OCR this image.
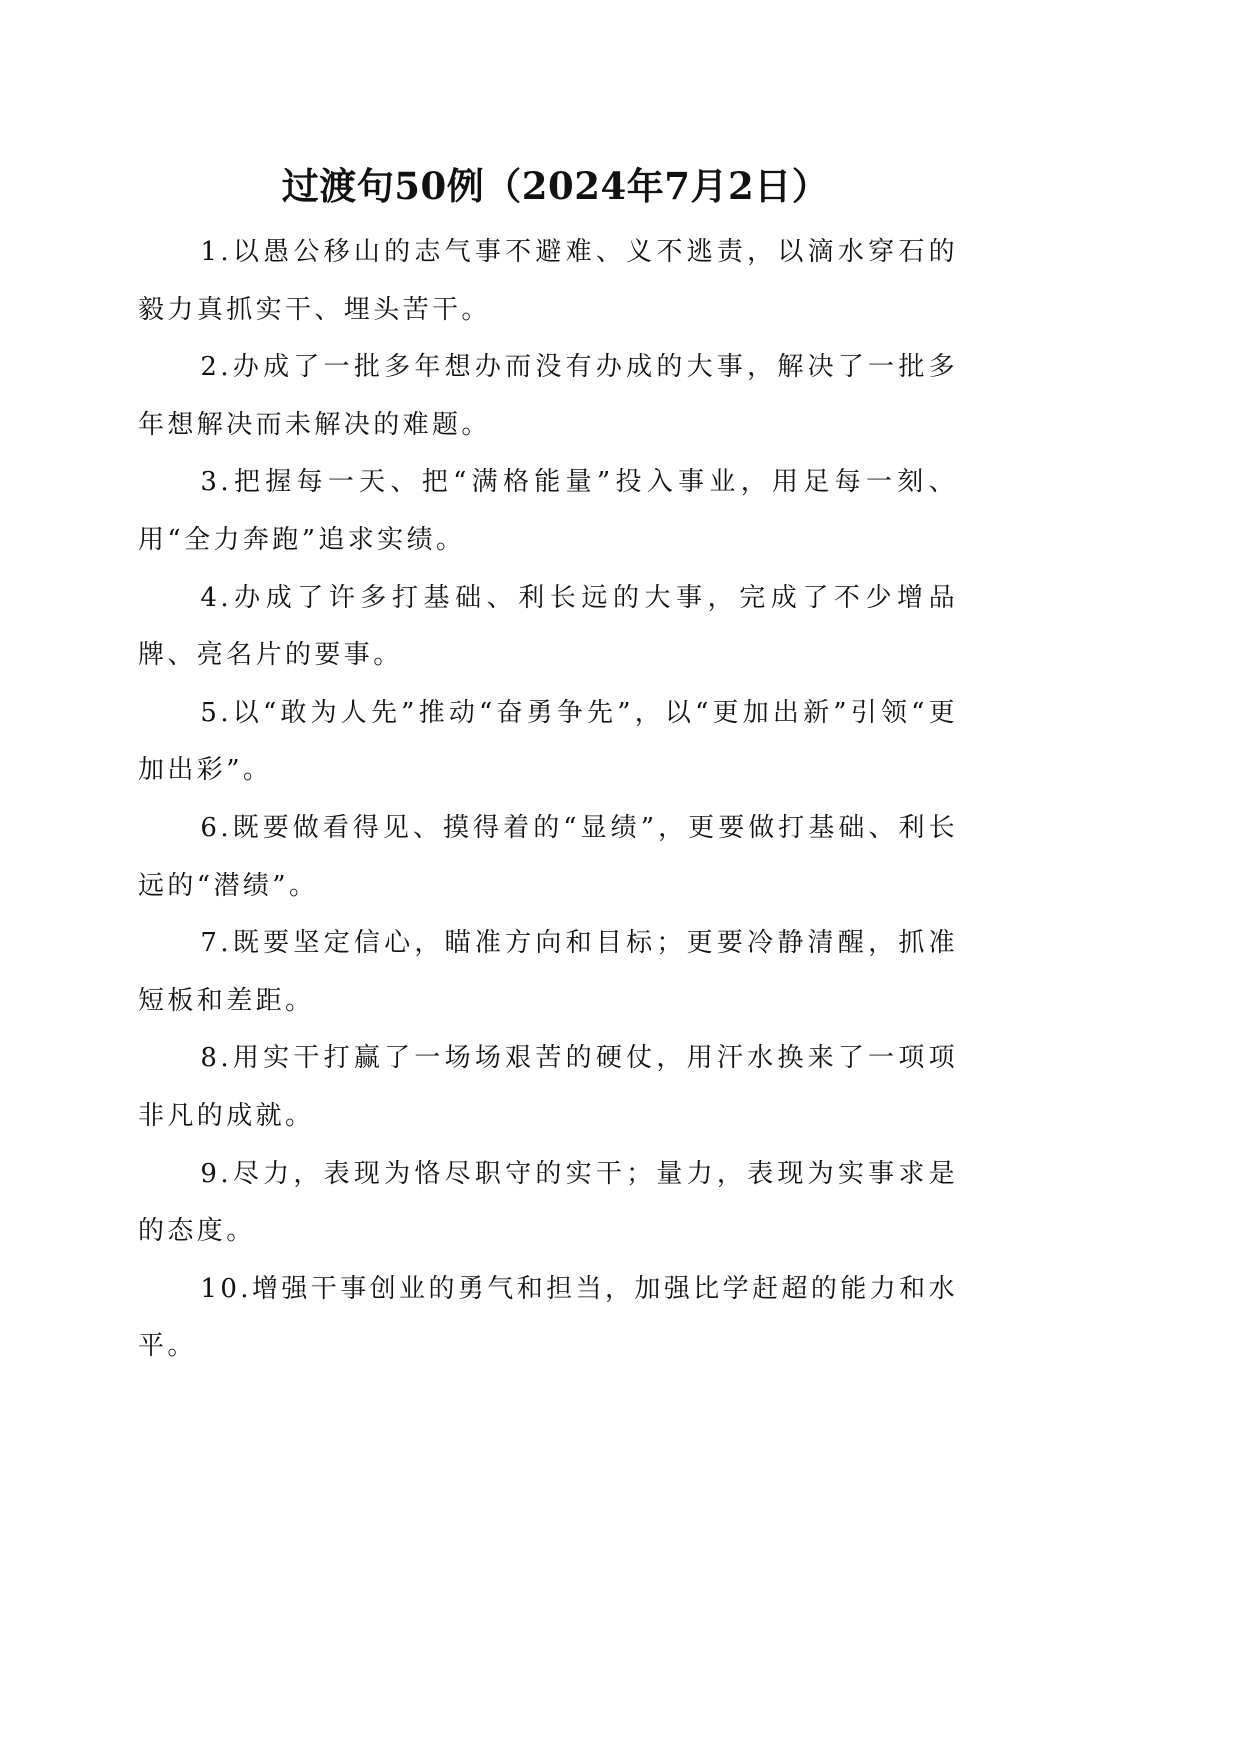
过渡句50例（2024年7月2日）

1.以愚公移山的志气事不避难、义不逃责，以滴水穿石的毅力真抓实干、埋头苦干。

2.办成了一批多年想办而没有办成的大事，解决了一批多年想解决而未解决的难题。

3.把握每一天、把“满格能量”投入事业，用足每一刻、用“全力奔跑”追求实绩。

4.办成了许多打基础、利长远的大事，完成了不少增品牌、亮名片的要事。

5.以“敢为人先”推动“奋勇争先”，以“更加出新”引领“更加出彩”。

6.既要做看得见、摸得着的“显绩”，更要做打基础、利长远的“潜绩”。

7.既要坚定信心，瞄准方向和目标；更要冷静清醒，抓准短板和差距。

8.用实干打赢了一场场艰苦的硬仗，用汗水换来了一项项非凡的成就。

9.尽力，表现为恪尽职守的实干；量力，表现为实事求是的态度。

10.增强干事创业的勇气和担当，加强比学赶超的能力和水平。
